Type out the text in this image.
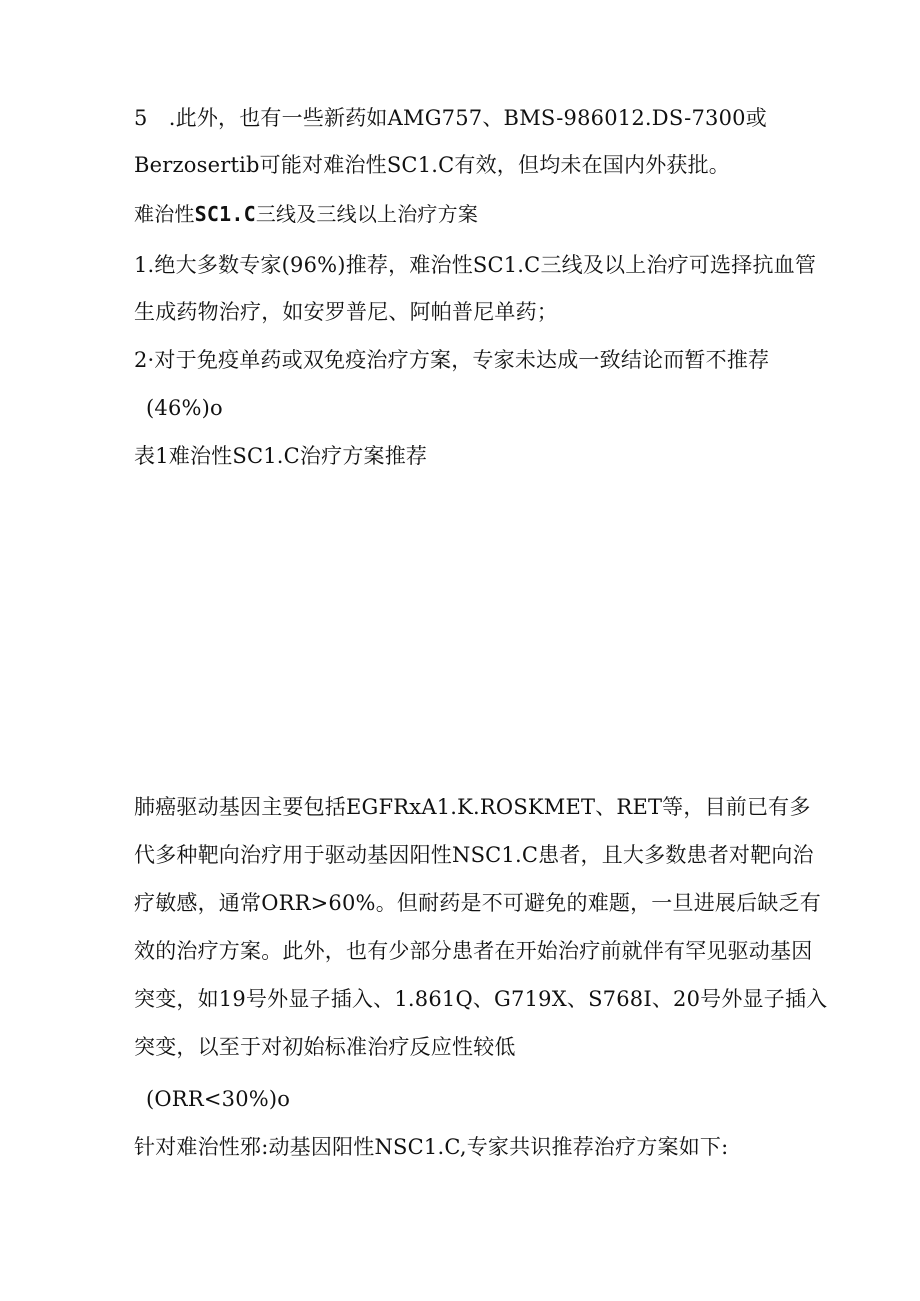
5　.此外，也有一些新药如AMG757、BMS-986012.DS-7300或
Berzosertib可能对难治性SC1.C有效，但均未在国内外获批。
难治性SC1.C三线及三线以上治疗方案
1.绝大多数专家(96%)推荐，难治性SC1.C三线及以上治疗可选择抗血管
生成药物治疗，如安罗普尼、阿帕普尼单药；
2·对于免疫单药或双免疫治疗方案，专家未达成一致结论而暂不推荐
(46%)o
表1难治性SC1.C治疗方案推荐
肺癌驱动基因主要包括EGFRxA1.K.ROSKMET、RET等，目前已有多
代多种靶向治疗用于驱动基因阳性NSC1.C患者，且大多数患者对靶向治
疗敏感，通常ORR>60%。但耐药是不可避免的难题，一旦进展后缺乏有
效的治疗方案。此外，也有少部分患者在开始治疗前就伴有罕见驱动基因
突变，如19号外显子插入、1.861Q、G719X、S768I、20号外显子插入
突变，以至于对初始标准治疗反应性较低
(ORR<30%)o
针对难治性邪:动基因阳性NSC1.C,专家共识推荐治疗方案如下:
